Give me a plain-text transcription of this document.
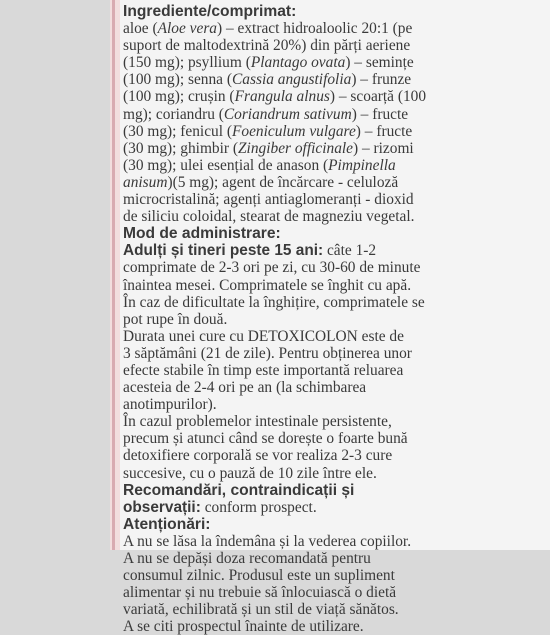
Ingrediente/comprimat:
aloe (Aloe vera) – extract hidroaloolic 20:1 (pe
suport de maltodextrină 20%) din părți aeriene
(150 mg); psyllium (Plantago ovata) – semințe
(100 mg); senna (Cassia angustifolia) – frunze
(100 mg); crușin (Frangula alnus) – scoarță (100
mg); coriandru (Coriandrum sativum) – fructe
(30 mg); fenicul (Foeniculum vulgare) – fructe
(30 mg); ghimbir (Zingiber officinale) – rizomi
(30 mg); ulei esențial de anason (Pimpinella
anisum)(5 mg); agent de încărcare - celuloză
microcristalină; agenți antiaglomeranți - dioxid
de siliciu coloidal, stearat de magneziu vegetal.
Mod de administrare:
Adulți și tineri peste 15 ani: câte 1-2
comprimate de 2-3 ori pe zi, cu 30-60 de minute
înaintea mesei. Comprimatele se înghit cu apă.
În caz de dificultate la înghițire, comprimatele se
pot rupe în două.
Durata unei cure cu DETOXICOLON este de
3 săptămâni (21 de zile). Pentru obținerea unor
efecte stabile în timp este importantă reluarea
acesteia de 2-4 ori pe an (la schimbarea
anotimpurilor).
În cazul problemelor intestinale persistente,
precum și atunci când se dorește o foarte bună
detoxifiere corporală se vor realiza 2-3 cure
succesive, cu o pauză de 10 zile între ele.
Recomandări, contraindicații și
observații: conform prospect.
Atenționări:
A nu se lăsa la îndemâna și la vederea copiilor.
A nu se depăși doza recomandată pentru
consumul zilnic. Produsul este un supliment
alimentar și nu trebuie să înlocuiască o dietă
variată, echilibrată și un stil de viață sănătos.
A se citi prospectul înainte de utilizare.
